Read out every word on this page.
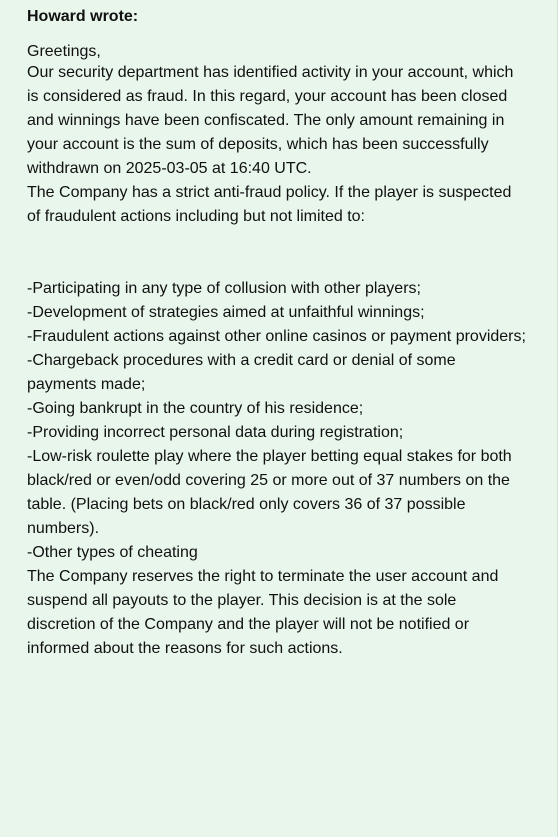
Howard wrote:
Greetings,

Our security department has identified activity in your account, which is considered as fraud. In this regard, your account has been closed and winnings have been confiscated. The only amount remaining in your account is the sum of deposits, which has been successfully withdrawn on 2025-03-05 at 16:40 UTC.

The Company has a strict anti-fraud policy. If the player is suspected of fraudulent actions including but not limited to:

-Participating in any type of collusion with other players;
-Development of strategies aimed at unfaithful winnings;
-Fraudulent actions against other online casinos or payment providers;
-Chargeback procedures with a credit card or denial of some payments made;
-Going bankrupt in the country of his residence;
-Providing incorrect personal data during registration;
-Low-risk roulette play where the player betting equal stakes for both black/red or even/odd covering 25 or more out of 37 numbers on the table. (Placing bets on black/red only covers 36 of 37 possible numbers).
-Other types of cheating

The Company reserves the right to terminate the user account and suspend all payouts to the player. This decision is at the sole discretion of the Company and the player will not be notified or informed about the reasons for such actions.
